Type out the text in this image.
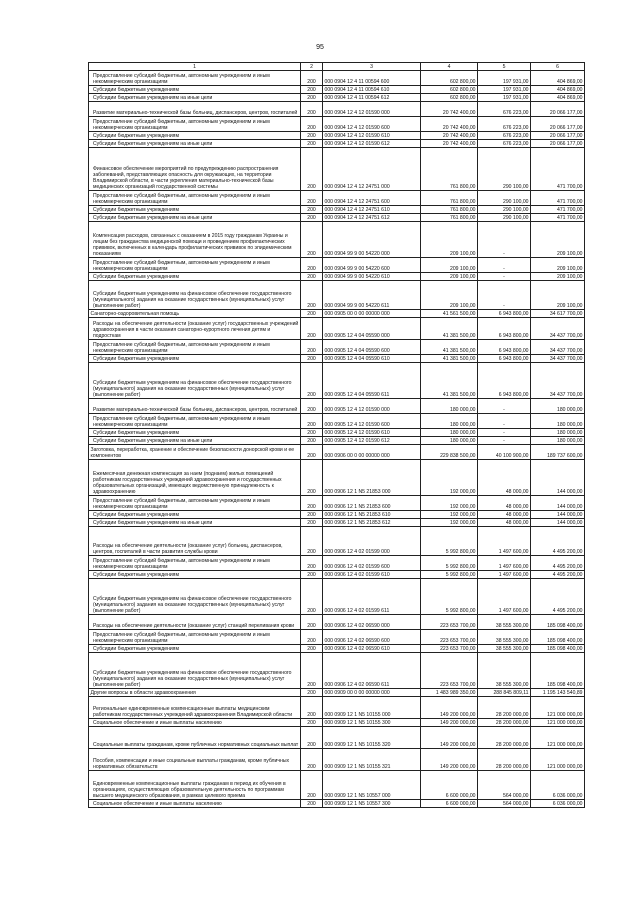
95
1	2	3	4	5	6
Предоставление субсидий бюджетным, автономным учреждениям и иным некоммерческим организациям	200	000 0904 12 4 11 00594 600	602 800,00	197 931,00	404 869,00
Субсидии бюджетным учреждениям	200	000 0904 12 4 11 00594 610	602 800,00	197 931,00	404 869,00
Субсидии бюджетным учреждениям на иные цели	200	000 0904 12 4 11 00594 612	602 800,00	197 931,00	404 869,00
Развитие материально-технической базы больниц, диспансеров, центров, госпиталей	200	000 0904 12 4 12 01590 000	20 742 400,00	676 223,00	20 066 177,00
Предоставление субсидий бюджетным, автономным учреждениям и иным некоммерческим организациям	200	000 0904 12 4 12 01590 600	20 742 400,00	676 223,00	20 066 177,00
Субсидии бюджетным учреждениям	200	000 0904 12 4 12 01590 610	20 742 400,00	676 223,00	20 066 177,00
Субсидии бюджетным учреждениям на иные цели	200	000 0904 12 4 12 01590 612	20 742 400,00	676 223,00	20 066 177,00
Финансовое обеспечение мероприятий по предупреждению распространения заболеваний, представляющих опасность для окружающих, на территории Владимирской области, в части укрепления материально-технической базы медицинских организаций государственной системы	200	000 0904 12 4 12 24751 000	761 800,00	290 100,00	471 700,00
Предоставление субсидий бюджетным, автономным учреждениям и иным некоммерческим организациям	200	000 0904 12 4 12 24751 600	761 800,00	290 100,00	471 700,00
Субсидии бюджетным учреждениям	200	000 0904 12 4 12 24751 610	761 800,00	290 100,00	471 700,00
Субсидии бюджетным учреждениям на иные цели	200	000 0904 12 4 12 24751 612	761 800,00	290 100,00	471 700,00
Компенсация расходов, связанных с оказанием в 2015 году гражданам Украины и лицам без гражданства медицинской помощи и проведением профилактических прививок, включенных в календарь профилактических прививок по эпидемическим показаниям	200	000 0904 99 9 00 54220 000	209 100,00	-	209 100,00
Предоставление субсидий бюджетным, автономным учреждениям и иным некоммерческим организациям	200	000 0904 99 9 00 54220 600	209 100,00	-	209 100,00
Субсидии бюджетным учреждениям	200	000 0904 99 9 00 54220 610	209 100,00	-	209 100,00
Субсидии бюджетным учреждениям на финансовое обеспечение государственного (муниципального) задания на оказание государственных (муниципальных) услуг (выполнение работ)	200	000 0904 99 9 00 54220 611	209 100,00	-	209 100,00
Санаторно-оздоровительная помощь	200	000 0905 00 0 00 00000 000	41 561 500,00	6 943 800,00	34 617 700,00
Расходы на обеспечение деятельности (оказание услуг) государственных учреждений здравоохранения в части оказания санаторно-курортного лечения детям и подросткам	200	000 0905 12 4 04 05590 000	41 381 500,00	6 943 800,00	34 437 700,00
Предоставление субсидий бюджетным, автономным учреждениям и иным некоммерческим организациям	200	000 0905 12 4 04 05590 600	41 381 500,00	6 943 800,00	34 437 700,00
Субсидии бюджетным учреждениям	200	000 0905 12 4 04 05590 610	41 381 500,00	6 943 800,00	34 437 700,00
Субсидии бюджетным учреждениям на финансовое обеспечение государственного (муниципального) задания на оказание государственных (муниципальных) услуг (выполнение работ)	200	000 0905 12 4 04 05590 611	41 381 500,00	6 943 800,00	34 437 700,00
Развитие материально-технической базы больниц, диспансеров, центров, госпиталей	200	000 0905 12 4 12 01590 000	180 000,00	-	180 000,00
Предоставление субсидий бюджетным, автономным учреждениям и иным некоммерческим организациям	200	000 0905 12 4 12 01590 600	180 000,00	-	180 000,00
Субсидии бюджетным учреждениям	200	000 0905 12 4 12 01590 610	180 000,00	-	180 000,00
Субсидии бюджетным учреждениям на иные цели	200	000 0905 12 4 12 01590 612	180 000,00	-	180 000,00
Заготовка, переработка, хранение и обеспечение безопасности донорской крови и ее компонентов	200	000 0906 00 0 00 00000 000	229 838 500,00	40 100 900,00	189 737 600,00
Ежемесячная денежная компенсация за наем (поднаем) жилых помещений работникам государственных учреждений здравоохранения и государственных образовательных организаций, имеющих ведомственную принадлежность к здравоохранению	200	000 0906 12 1 N5 21853 000	192 000,00	48 000,00	144 000,00
Предоставление субсидий бюджетным, автономным учреждениям и иным некоммерческим организациям	200	000 0906 12 1 N5 21853 600	192 000,00	48 000,00	144 000,00
Субсидии бюджетным учреждениям	200	000 0906 12 1 N5 21853 610	192 000,00	48 000,00	144 000,00
Субсидии бюджетным учреждениям на иные цели	200	000 0906 12 1 N5 21853 612	192 000,00	48 000,00	144 000,00
Расходы на обеспечение деятельности (оказание услуг) больниц, диспансеров, центров, госпиталей в части развития службы крови	200	000 0906 12 4 02 01599 000	5 992 800,00	1 497 600,00	4 495 200,00
Предоставление субсидий бюджетным, автономным учреждениям и иным некоммерческим организациям	200	000 0906 12 4 02 01599 600	5 992 800,00	1 497 600,00	4 495 200,00
Субсидии бюджетным учреждениям	200	000 0906 12 4 02 01599 610	5 992 800,00	1 497 600,00	4 495 200,00
Субсидии бюджетным учреждениям на финансовое обеспечение государственного (муниципального) задания на оказание государственных (муниципальных) услуг (выполнение работ)	200	000 0906 12 4 02 01599 611	5 992 800,00	1 497 600,00	4 495 200,00
Расходы на обеспечение деятельности (оказание услуг) станций переливания крови	200	000 0906 12 4 02 06590 000	223 653 700,00	38 555 300,00	185 098 400,00
Предоставление субсидий бюджетным, автономным учреждениям и иным некоммерческим организациям	200	000 0906 12 4 02 06590 600	223 653 700,00	38 555 300,00	185 098 400,00
Субсидии бюджетным учреждениям	200	000 0906 12 4 02 06590 610	223 653 700,00	38 555 300,00	185 098 400,00
Субсидии бюджетным учреждениям на финансовое обеспечение государственного (муниципального) задания на оказание государственных (муниципальных) услуг (выполнение работ)	200	000 0906 12 4 02 06590 611	223 653 700,00	38 555 300,00	185 098 400,00
Другие вопросы в области здравоохранения	200	000 0909 00 0 00 00000 000	1 483 989 350,00	288 845 809,11	1 195 143 540,89
Региональные единовременные компенсационные выплаты медицинским работникам государственных учреждений здравоохранения Владимирской области	200	000 0909 12 1 N5 10155 000	149 200 000,00	28 200 000,00	121 000 000,00
Социальное обеспечение и иные выплаты населению	200	000 0909 12 1 N5 10155 300	149 200 000,00	28 200 000,00	121 000 000,00
Социальные выплаты гражданам, кроме публичных нормативных социальных выплат	200	000 0909 12 1 N5 10155 320	149 200 000,00	28 200 000,00	121 000 000,00
Пособия, компенсации и иные социальные выплаты гражданам, кроме публичных нормативных обязательств	200	000 0909 12 1 N5 10155 321	149 200 000,00	28 200 000,00	121 000 000,00
Единовременные компенсационные выплаты гражданам в период их обучения в организациях, осуществляющих образовательную деятельность по программам высшего медицинского образования, в рамках целевого приема	200	000 0909 12 1 N5 10557 000	6 600 000,00	564 000,00	6 036 000,00
Социальное обеспечение и иные выплаты населению	200	000 0909 12 1 N5 10557 300	6 600 000,00	564 000,00	6 036 000,00
